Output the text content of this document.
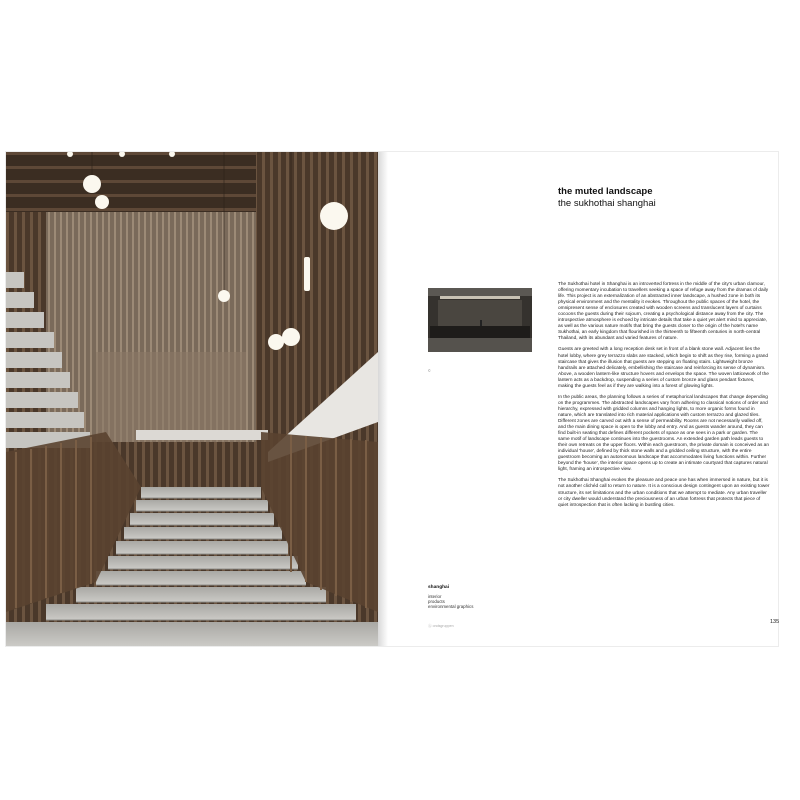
the muted landscape
the sukhothai shanghai
©

The Sukhothai hotel in Shanghai is an introverted fortress in the middle of the city's urban clamour, offering momentary incubation to travellers seeking a space of refuge away from the dramas of daily life. This project is an externalization of an abstracted inner landscape, a hushed zone in both its physical environment and the mentality it evokes. Throughout the public spaces of the hotel, the omnipresent sense of enclosures created with wooden screens and translucent layers of curtains cocoons the guests during their sojourn, creating a psychological distance away from the city. The introspective atmosphere is echoed by intricate details that take a quiet yet alert mind to appreciate, as well as the various nature motifs that bring the guests closer to the origin of the hotel's name Sukhothai, an early kingdom that flourished in the thirteenth to fifteenth centuries in north-central Thailand, with its abundant and varied features of nature.

Guests are greeted with a long reception desk set in front of a blank stone wall. Adjacent lies the hotel lobby, where grey terrazzo slabs are stacked, which begin to shift as they rise, forming a grand staircase that gives the illusion that guests are stepping on floating stairs. Lightweight bronze handrails are attached delicately, embellishing the staircase and reinforcing its sense of dynamism. Above, a wooden lantern-like structure hovers and envelops the space. The woven latticework of the lantern acts as a backdrop, suspending a series of custom bronze and glass pendant fixtures, making the guests feel as if they are walking into a forest of glowing lights.

In the public areas, the planning follows a series of metaphorical landscapes that change depending on the programmes. The abstracted landscapes vary from adhering to classical notions of order and hierarchy, expressed with gridded columns and hanging lights, to more organic forms found in nature, which are translated into rich material applications with custom terrazzo and glazed tiles. Different zones are carved out with a sense of permeability. Rooms are not necessarily walled off, and the main dining space is open to the lobby and entry. And as guests wander around, they can find built-in seating that defines different pockets of space as one sees in a park or garden. The same motif of landscape continues into the guestrooms. An extended garden path leads guests to their own retreats on the upper floors. Within each guestroom, the private domain is conceived as an individual 'house', defined by thick stone walls and a gridded ceiling structure, with the entire guestroom becoming an autonomous landscape that accommodates living functions within. Further beyond the 'house', the interior space opens up to create an intimate courtyard that captures natural light, framing an introspective view.

The Sukhothai Shanghai evokes the pleasure and peace one has when immersed in nature, but it is not another clichéd call to return to nature. It is a conscious design contingent upon an existing tower structure, its set limitations and the urban conditions that we attempt to mediate. Any urban traveller or city dweller would understand the preciousness of an urban fortress that protects that piece of quiet introspection that is often lacking in bustling cities.

shanghai
interior
products
environmental graphics
Ⓐ ondsgruppen
135
